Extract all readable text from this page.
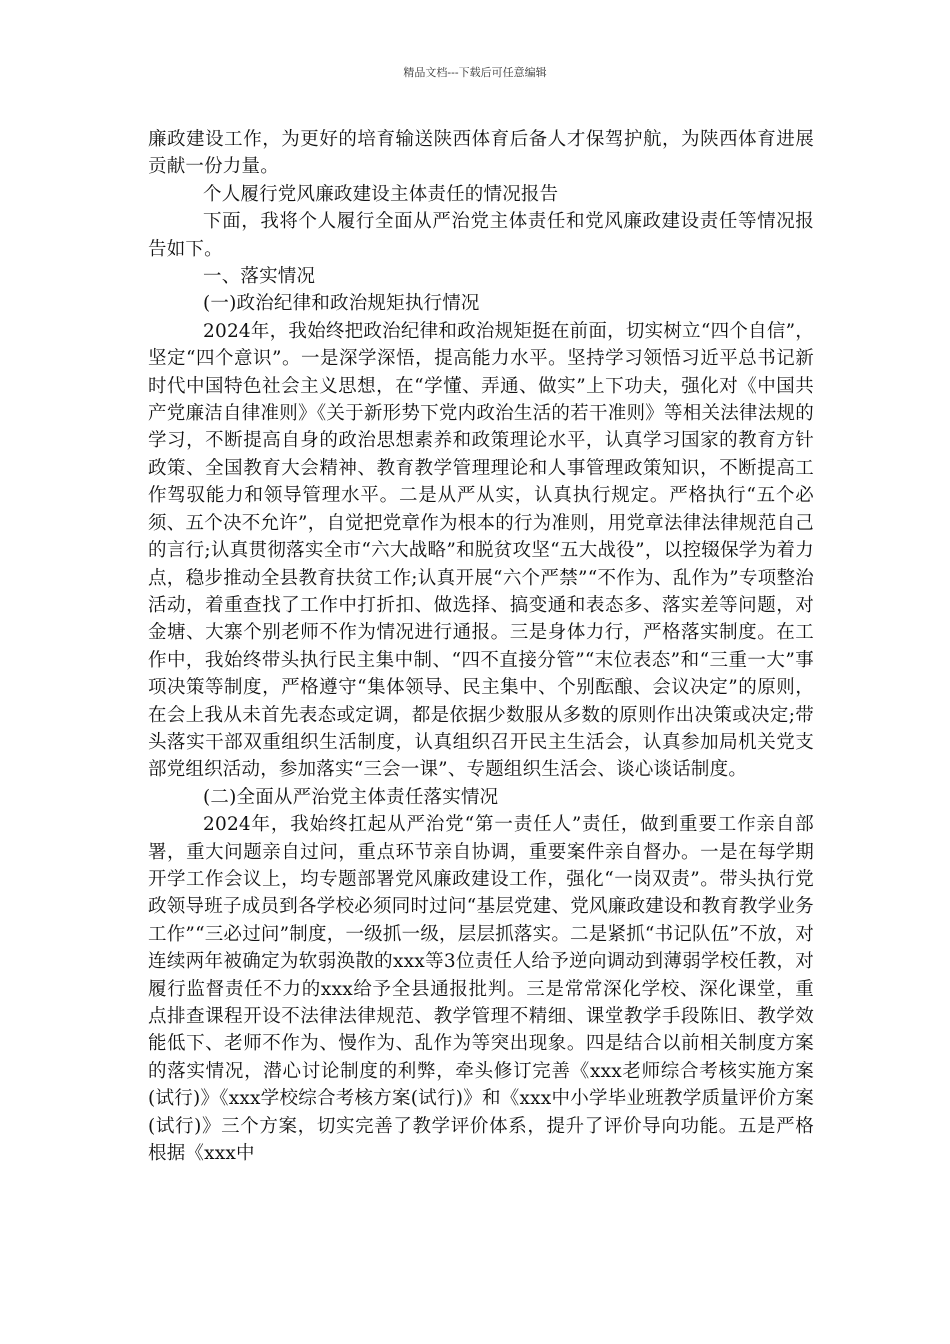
精品文档---下载后可任意编辑

廉政建设工作，为更好的培育输送陕西体育后备人才保驾护航，为陕西体育进展贡献一份力量。

个人履行党风廉政建设主体责任的情况报告

下面，我将个人履行全面从严治党主体责任和党风廉政建设责任等情况报告如下。

一、落实情况

(一)政治纪律和政治规矩执行情况

2024年，我始终把政治纪律和政治规矩挺在前面，切实树立“四个自信”，坚定“四个意识”。一是深学深悟，提高能力水平。坚持学习领悟习近平总书记新时代中国特色社会主义思想，在“学懂、弄通、做实”上下功夫，强化对《中国共产党廉洁自律准则》《关于新形势下党内政治生活的若干准则》等相关法律法规的学习，不断提高自身的政治思想素养和政策理论水平，认真学习国家的教育方针政策、全国教育大会精神、教育教学管理理论和人事管理政策知识，不断提高工作驾驭能力和领导管理水平。二是从严从实，认真执行规定。严格执行“五个必须、五个决不允许”，自觉把党章作为根本的行为准则，用党章法律法律规范自己的言行;认真贯彻落实全市“六大战略”和脱贫攻坚“五大战役”，以控辍保学为着力点，稳步推动全县教育扶贫工作;认真开展“六个严禁”“不作为、乱作为”专项整治活动，着重查找了工作中打折扣、做选择、搞变通和表态多、落实差等问题，对金塘、大寨个别老师不作为情况进行通报。三是身体力行，严格落实制度。在工作中，我始终带头执行民主集中制、“四不直接分管”“末位表态”和“三重一大”事项决策等制度，严格遵守“集体领导、民主集中、个别酝酿、会议决定”的原则，在会上我从未首先表态或定调，都是依据少数服从多数的原则作出决策或决定;带头落实干部双重组织生活制度，认真组织召开民主生活会，认真参加局机关党支部党组织活动，参加落实“三会一课”、专题组织生活会、谈心谈话制度。

(二)全面从严治党主体责任落实情况

2024年，我始终扛起从严治党“第一责任人”责任，做到重要工作亲自部署，重大问题亲自过问，重点环节亲自协调，重要案件亲自督办。一是在每学期开学工作会议上，均专题部署党风廉政建设工作，强化“一岗双责”。带头执行党政领导班子成员到各学校必须同时过问“基层党建、党风廉政建设和教育教学业务工作”“三必过问”制度，一级抓一级，层层抓落实。二是紧抓“书记队伍”不放，对连续两年被确定为软弱涣散的xxx等3位责任人给予逆向调动到薄弱学校任教，对履行监督责任不力的xxx给予全县通报批判。三是常常深化学校、深化课堂，重点排查课程开设不法律法律规范、教学管理不精细、课堂教学手段陈旧、教学效能低下、老师不作为、慢作为、乱作为等突出现象。四是结合以前相关制度方案的落实情况，潜心讨论制度的利弊，牵头修订完善《xxx老师综合考核实施方案(试行)》《xxx学校综合考核方案(试行)》和《xxx中小学毕业班教学质量评价方案(试行)》三个方案，切实完善了教学评价体系，提升了评价导向功能。五是严格根据《xxx中
